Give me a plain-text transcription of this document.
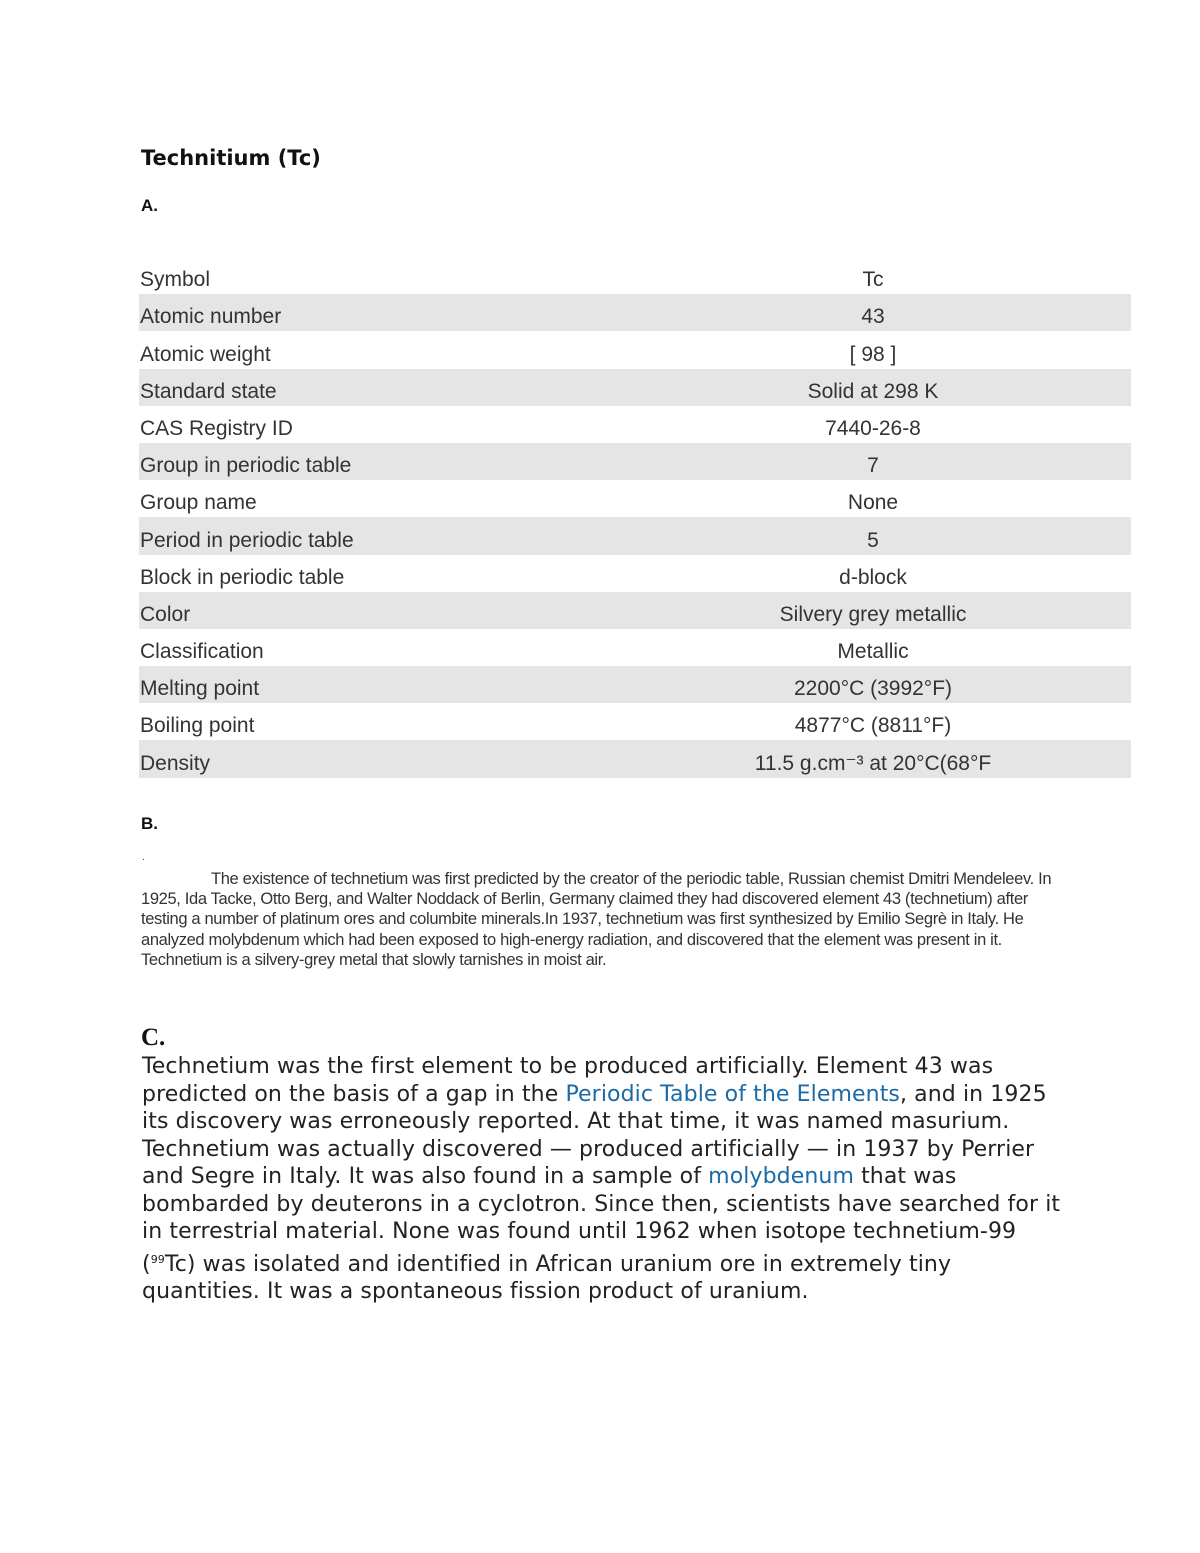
Technitium (Tc)
A.
Symbol	Tc
Atomic number	43
Atomic weight	[ 98 ]
Standard state	Solid at 298 K
CAS Registry ID	7440-26-8
Group in periodic table	7
Group name	None
Period in periodic table	5
Block in periodic table	d-block
Color	Silvery grey metallic
Classification	Metallic
Melting point	2200°C (3992°F)
Boiling point	4877°C (8811°F)
Density	11.5 g.cm⁻³ at 20°C(68°F
B.
.
The existence of technetium was first predicted by the creator of the periodic table, Russian chemist Dmitri Mendeleev. In 1925, Ida Tacke, Otto Berg, and Walter Noddack of Berlin, Germany claimed they had discovered element 43 (technetium) after testing a number of platinum ores and columbite minerals.In 1937, technetium was first synthesized by Emilio Segrè in Italy. He analyzed molybdenum which had been exposed to high-energy radiation, and discovered that the element was present in it. Technetium is a silvery-grey metal that slowly tarnishes in moist air.
C.

Technetium was the first element to be produced artificially. Element 43 was predicted on the basis of a gap in the Periodic Table of the Elements, and in 1925 its discovery was erroneously reported. At that time, it was named masurium.

Technetium was actually discovered — produced artificially — in 1937 by Perrier and Segre in Italy. It was also found in a sample of molybdenum that was bombarded by deuterons in a cyclotron. Since then, scientists have searched for it in terrestrial material. None was found until 1962 when isotope technetium-99 ($^{99}$Tc) was isolated and identified in African uranium ore in extremely tiny quantities. It was a spontaneous fission product of uranium.
